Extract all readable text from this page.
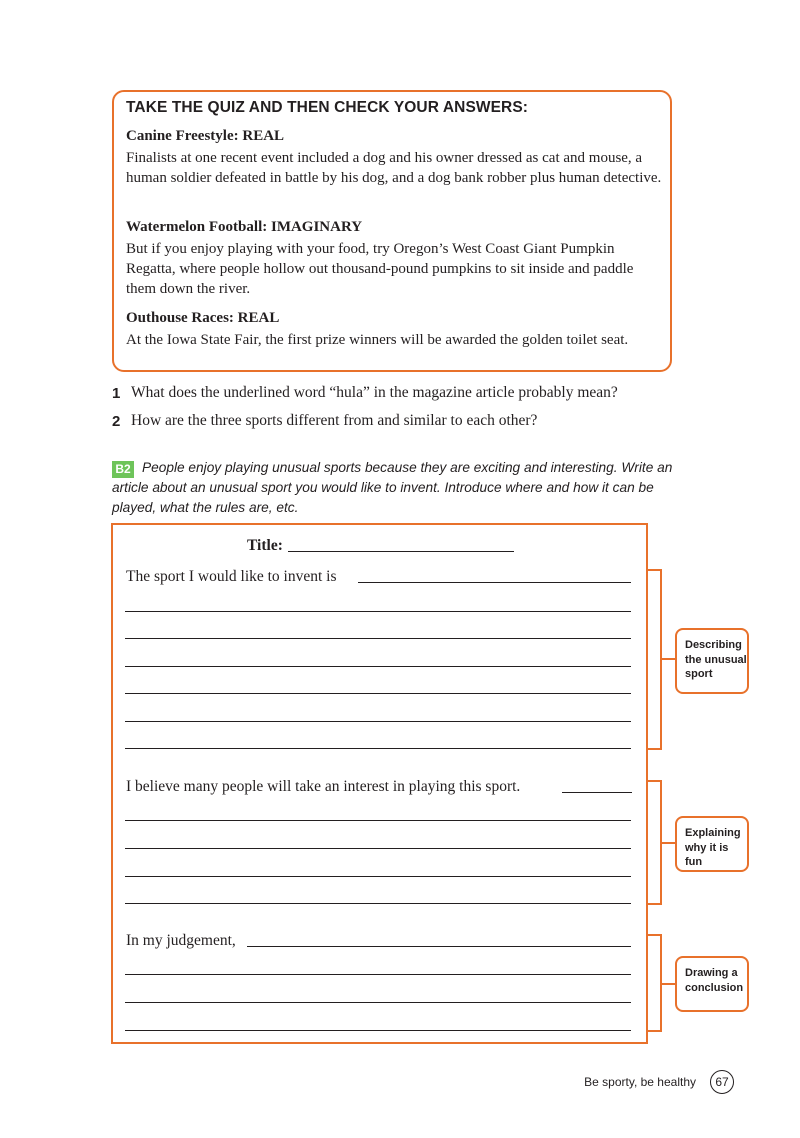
TAKE THE QUIZ AND THEN CHECK YOUR ANSWERS:
Canine Freestyle: REAL
Finalists at one recent event included a dog and his owner dressed as cat and mouse, a human soldier defeated in battle by his dog, and a dog bank robber plus human detective.
Watermelon Football: IMAGINARY
But if you enjoy playing with your food, try Oregon’s West Coast Giant Pumpkin Regatta, where people hollow out thousand-pound pumpkins to sit inside and paddle them down the river.
Outhouse Races: REAL
At the Iowa State Fair, the first prize winners will be awarded the golden toilet seat.
1 What does the underlined word “hula” in the magazine article probably mean?
2 How are the three sports different from and similar to each other?
People enjoy playing unusual sports because they are exciting and interesting. Write an article about an unusual sport you would like to invent. Introduce where and how it can be played, what the rules are, etc.
B2
Title:
The sport I would like to invent is
I believe many people will take an interest in playing this sport.
In my judgement,
Describing
the unusual
sport
Explaining
why it is fun
Drawing a
conclusion
Be sporty, be healthy	67
